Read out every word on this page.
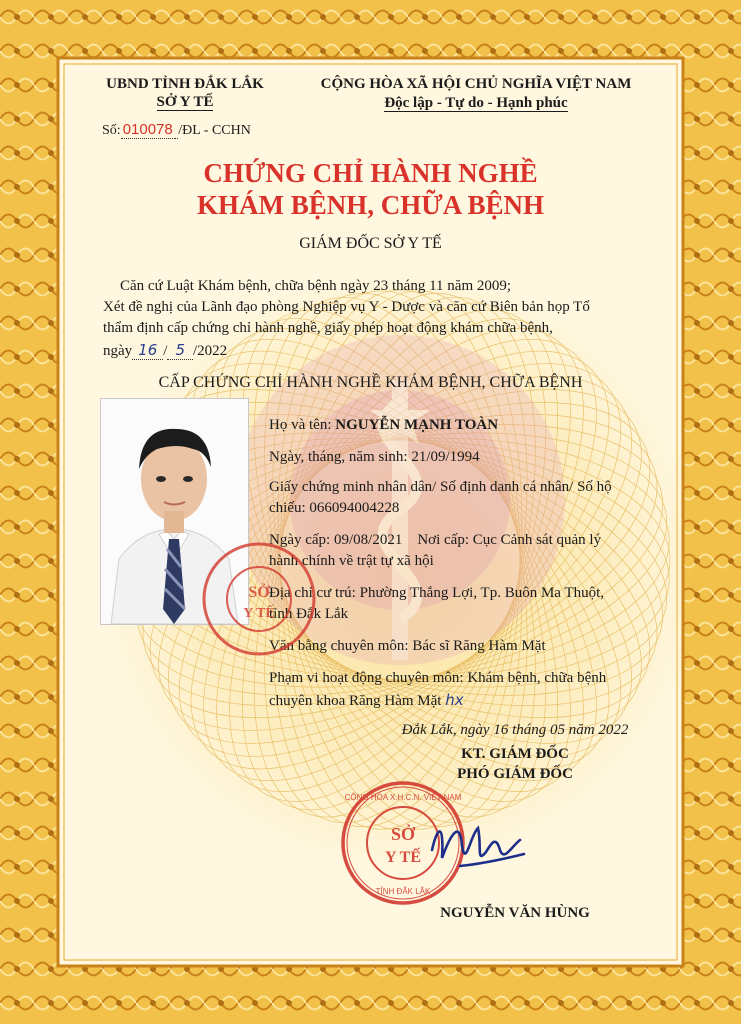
UBND TỈNH ĐẮK LẮK
SỞ Y TẾ
Số: 010078 /ĐL - CCHN
CỘNG HÒA XÃ HỘI CHỦ NGHĨA VIỆT NAM
Độc lập - Tự do - Hạnh phúc
CHỨNG CHỈ HÀNH NGHỀ
KHÁM BỆNH, CHỮA BỆNH
GIÁM ĐỐC SỞ Y TẾ
Căn cứ Luật Khám bệnh, chữa bệnh ngày 23 tháng 11 năm 2009;
Xét đề nghị của Lãnh đạo phòng Nghiệp vụ Y - Dược và căn cứ Biên bản họp Tổ
thẩm định cấp chứng chỉ hành nghề, giấy phép hoạt động khám chữa bệnh,
ngày 16 / 5 /2022
CẤP CHỨNG CHỈ HÀNH NGHỀ KHÁM BỆNH, CHỮA BỆNH
Họ và tên: NGUYỄN MẠNH TOÀN
Ngày, tháng, năm sinh: 21/09/1994
Giấy chứng minh nhân dân/ Số định danh cá nhân/ Số hộ
chiếu: 066094004228
Ngày cấp: 09/08/2021 Nơi cấp: Cục Cảnh sát quản lý
hành chính về trật tự xã hội
Địa chỉ cư trú: Phường Thắng Lợi, Tp. Buôn Ma Thuột,
tỉnh Đắk Lắk
Văn bằng chuyên môn: Bác sĩ Răng Hàm Mặt
Phạm vi hoạt động chuyên môn: Khám bệnh, chữa bệnh
chuyên khoa Răng Hàm Mặt hx
SỞ
Y TẾ
Đắk Lắk, ngày 16 tháng 05 năm 2022
KT. GIÁM ĐỐC
PHÓ GIÁM ĐỐC
SỞ
Y TẾ
CỘNG HÒA X.H.C.N. VIỆT NAM
TỈNH ĐẮK LẮK
NGUYỄN VĂN HÙNG
